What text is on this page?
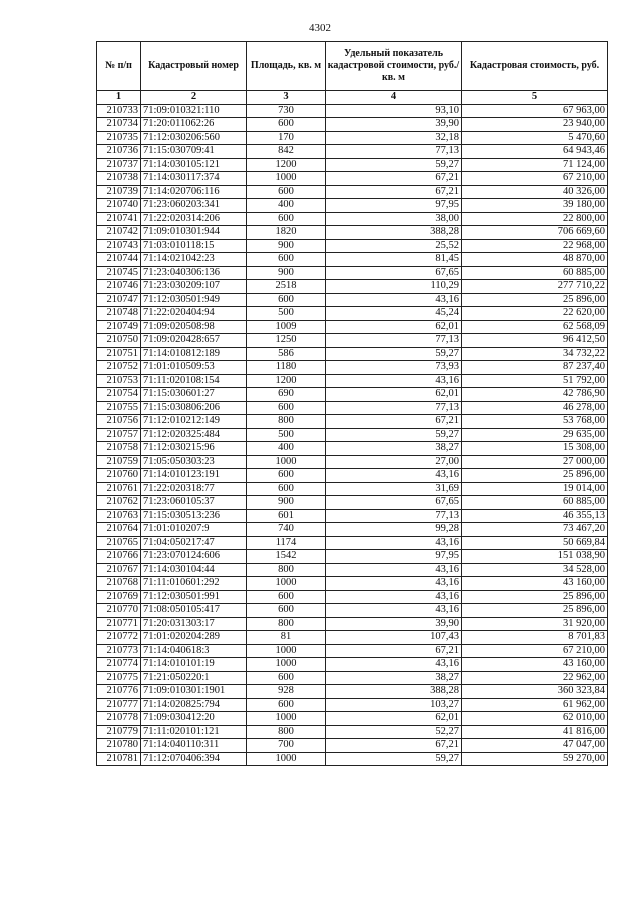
4302
№ п/п	Кадастровый номер	Площадь, кв. м	Удельный показатель кадастровой стоимости, руб./кв. м	Кадастровая стоимость, руб.
1	2	3	4	5
210733	71:09:010321:110	730	93,10	67 963,00
210734	71:20:011062:26	600	39,90	23 940,00
210735	71:12:030206:560	170	32,18	5 470,60
210736	71:15:030709:41	842	77,13	64 943,46
210737	71:14:030105:121	1200	59,27	71 124,00
210738	71:14:030117:374	1000	67,21	67 210,00
210739	71:14:020706:116	600	67,21	40 326,00
210740	71:23:060203:341	400	97,95	39 180,00
210741	71:22:020314:206	600	38,00	22 800,00
210742	71:09:010301:944	1820	388,28	706 669,60
210743	71:03:010118:15	900	25,52	22 968,00
210744	71:14:021042:23	600	81,45	48 870,00
210745	71:23:040306:136	900	67,65	60 885,00
210746	71:23:030209:107	2518	110,29	277 710,22
210747	71:12:030501:949	600	43,16	25 896,00
210748	71:22:020404:94	500	45,24	22 620,00
210749	71:09:020508:98	1009	62,01	62 568,09
210750	71:09:020428:657	1250	77,13	96 412,50
210751	71:14:010812:189	586	59,27	34 732,22
210752	71:01:010509:53	1180	73,93	87 237,40
210753	71:11:020108:154	1200	43,16	51 792,00
210754	71:15:030601:27	690	62,01	42 786,90
210755	71:15:030806:206	600	77,13	46 278,00
210756	71:12:010212:149	800	67,21	53 768,00
210757	71:12:020325:484	500	59,27	29 635,00
210758	71:12:030215:96	400	38,27	15 308,00
210759	71:05:050303:23	1000	27,00	27 000,00
210760	71:14:010123:191	600	43,16	25 896,00
210761	71:22:020318:77	600	31,69	19 014,00
210762	71:23:060105:37	900	67,65	60 885,00
210763	71:15:030513:236	601	77,13	46 355,13
210764	71:01:010207:9	740	99,28	73 467,20
210765	71:04:050217:47	1174	43,16	50 669,84
210766	71:23:070124:606	1542	97,95	151 038,90
210767	71:14:030104:44	800	43,16	34 528,00
210768	71:11:010601:292	1000	43,16	43 160,00
210769	71:12:030501:991	600	43,16	25 896,00
210770	71:08:050105:417	600	43,16	25 896,00
210771	71:20:031303:17	800	39,90	31 920,00
210772	71:01:020204:289	81	107,43	8 701,83
210773	71:14:040618:3	1000	67,21	67 210,00
210774	71:14:010101:19	1000	43,16	43 160,00
210775	71:21:050220:1	600	38,27	22 962,00
210776	71:09:010301:1901	928	388,28	360 323,84
210777	71:14:020825:794	600	103,27	61 962,00
210778	71:09:030412:20	1000	62,01	62 010,00
210779	71:11:020101:121	800	52,27	41 816,00
210780	71:14:040110:311	700	67,21	47 047,00
210781	71:12:070406:394	1000	59,27	59 270,00
